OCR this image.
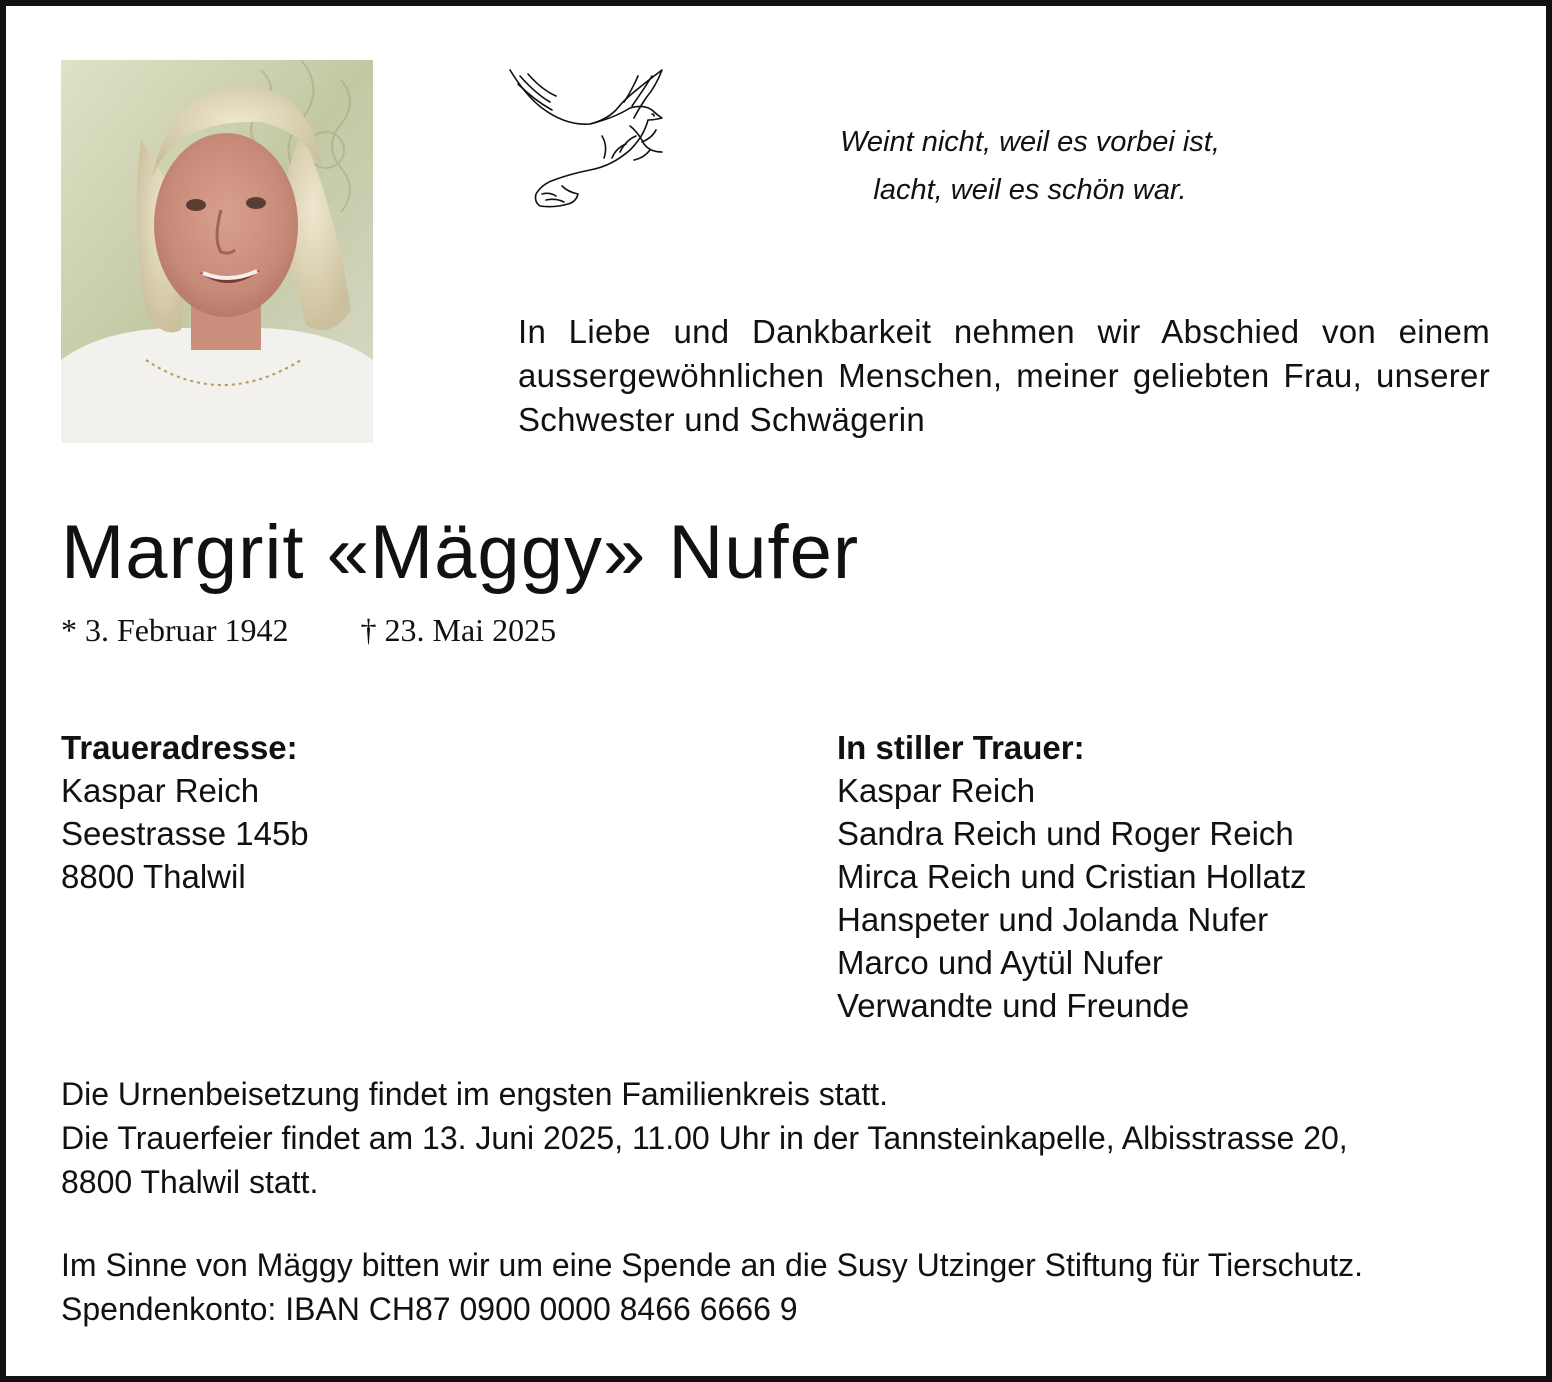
Weint nicht, weil es vorbei ist,
lacht, weil es schön war.
In Liebe und Dankbarkeit nehmen wir Abschied von einem aussergewöhnlichen Menschen, meiner geliebten Frau, unserer Schwester und Schwägerin
Margrit «Mäggy» Nufer
* 3. Februar 1942 † 23. Mai 2025
Traueradresse:
Kaspar Reich
Seestrasse 145b
8800 Thalwil
In stiller Trauer:
Kaspar Reich
Sandra Reich und Roger Reich
Mirca Reich und Cristian Hollatz
Hanspeter und Jolanda Nufer
Marco und Aytül Nufer
Verwandte und Freunde
Die Urnenbeisetzung findet im engsten Familienkreis statt.
Die Trauerfeier findet am 13. Juni 2025, 11.00 Uhr in der Tannsteinkapelle, Albisstrasse 20,
8800 Thalwil statt.
Im Sinne von Mäggy bitten wir um eine Spende an die Susy Utzinger Stiftung für Tierschutz.
Spendenkonto: IBAN CH87 0900 0000 8466 6666 9
